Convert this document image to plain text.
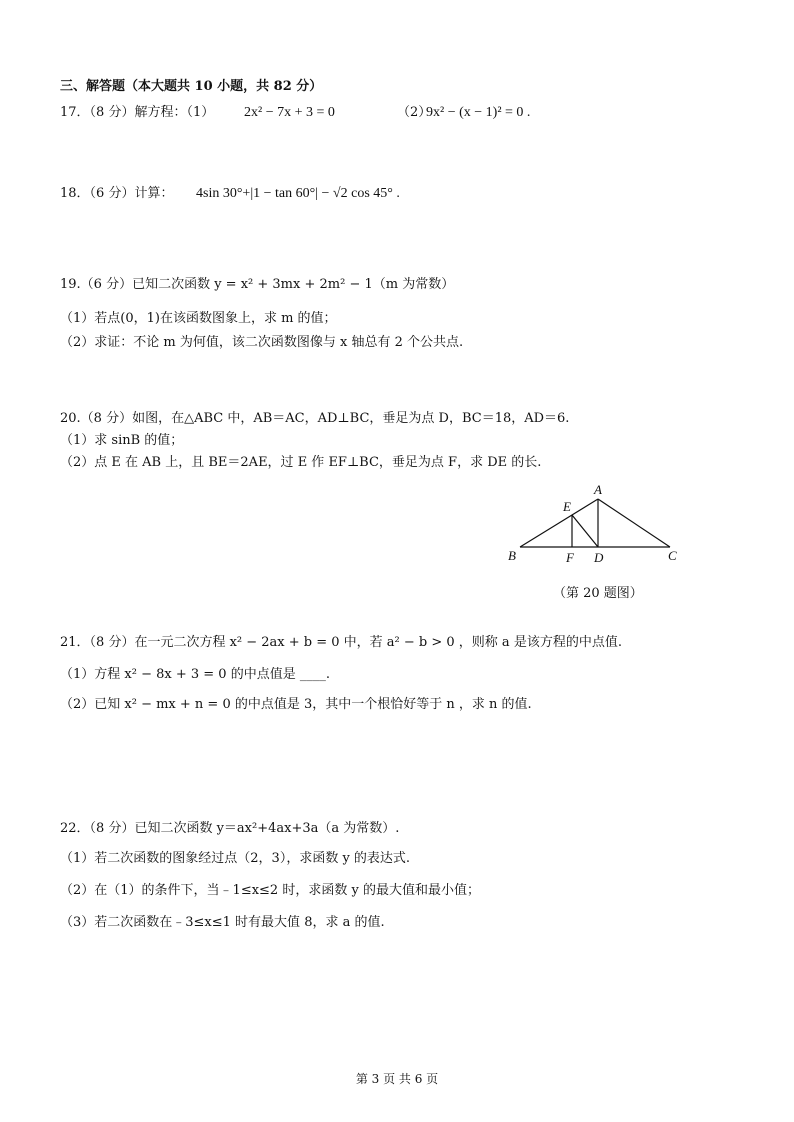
三、解答题（本大题共 10 小题，共 82 分）
17．（8 分）解方程：（1） 2x² − 7x + 3 = 0	（2）
9x² − (x − 1)² = 0 .
18．（6 分）计算： 4sin 30°+|1 − tan 60°| − √2 cos 45° .
19.（6 分）已知二次函数 y = x² + 3mx + 2m² − 1（m 为常数）
（1）若点(0，1)在该函数图象上，求 m 的值；
（2）求证：不论 m 为何值，该二次函数图像与 x 轴总有 2 个公共点.
20.（8 分）如图，在△ABC 中，AB＝AC，AD⊥BC，垂足为点 D，BC＝18，AD＝6.
（1）求 sinB 的值；
（2）点 E 在 AB 上，且 BE＝2AE，过 E 作 EF⊥BC，垂足为点 F，求 DE 的长.
A
E
B	F D	C
（第 20 题图）
21．（8 分）在一元二次方程 x² − 2ax + b = 0 中，若 a² − b > 0 ，则称 a 是该方程的中点值.
（1）方程 x² − 8x + 3 = 0 的中点值是 ____.
（2）已知 x² − mx + n = 0 的中点值是 3，其中一个根恰好等于 n ，求 n 的值.
22．（8 分）已知二次函数 y＝ax²+4ax+3a（a 为常数）.
（1）若二次函数的图象经过点（2，3），求函数 y 的表达式.
（2）在（1）的条件下，当﹣1≤x≤2 时，求函数 y 的最大值和最小值；
（3）若二次函数在﹣3≤x≤1 时有最大值 8，求 a 的值.
第 3 页 共 6 页
